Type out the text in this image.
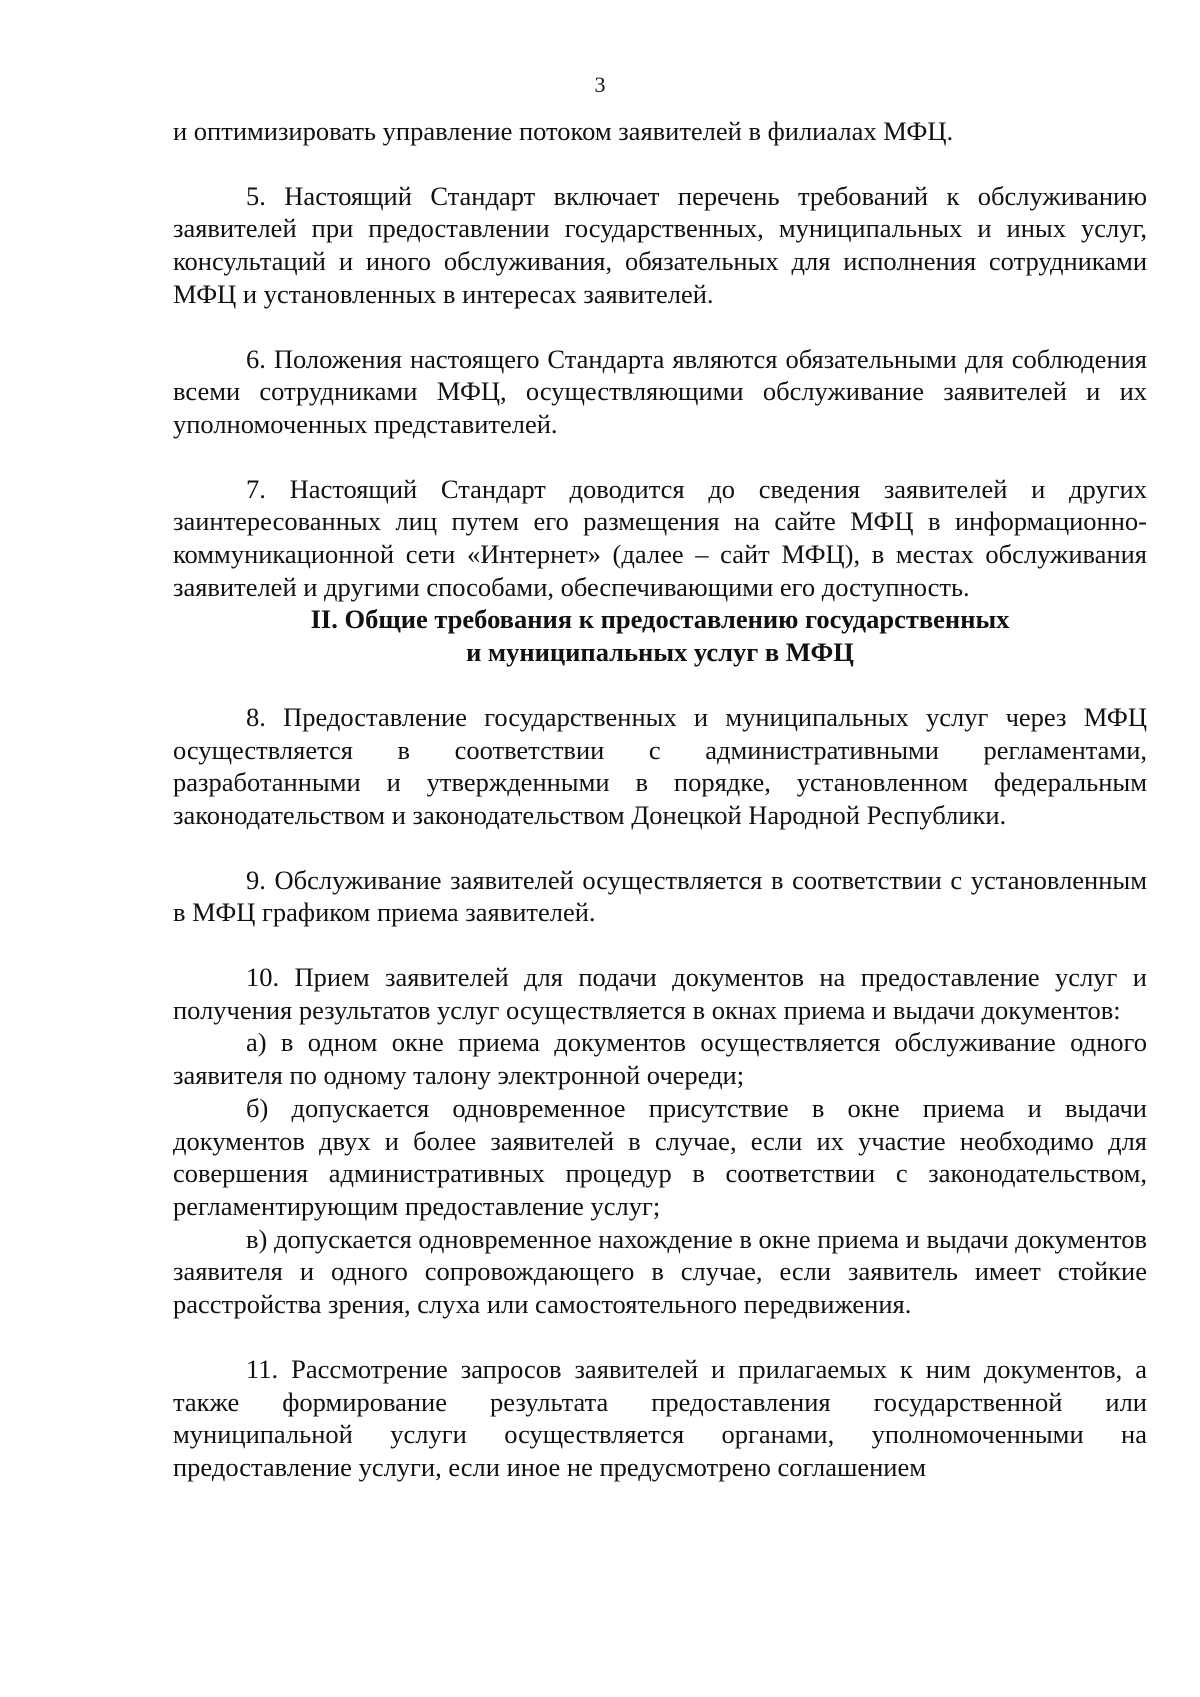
3

и оптимизировать управление потоком заявителей в филиалах МФЦ.

5. Настоящий Стандарт включает перечень требований к обслуживанию заявителей при предоставлении государственных, муниципальных и иных услуг, консультаций и иного обслуживания, обязательных для исполнения сотрудниками МФЦ и установленных в интересах заявителей.

6. Положения настоящего Стандарта являются обязательными для соблюдения всеми сотрудниками МФЦ, осуществляющими обслуживание заявителей и их уполномоченных представителей.

7. Настоящий Стандарт доводится до сведения заявителей и других заинтересованных лиц путем его размещения на сайте МФЦ в информационно-коммуникационной сети «Интернет» (далее – сайт МФЦ), в местах обслуживания заявителей и другими способами, обеспечивающими его доступность.

II. Общие требования к предоставлению государственных
и муниципальных услуг в МФЦ

8. Предоставление государственных и муниципальных услуг через МФЦ осуществляется в соответствии с административными регламентами, разработанными и утвержденными в порядке, установленном федеральным законодательством и законодательством Донецкой Народной Республики.

9. Обслуживание заявителей осуществляется в соответствии с установленным в МФЦ графиком приема заявителей.

10. Прием заявителей для подачи документов на предоставление услуг и получения результатов услуг осуществляется в окнах приема и выдачи документов:

а) в одном окне приема документов осуществляется обслуживание одного заявителя по одному талону электронной очереди;

б) допускается одновременное присутствие в окне приема и выдачи документов двух и более заявителей в случае, если их участие необходимо для совершения административных процедур в соответствии с законодательством, регламентирующим предоставление услуг;

в) допускается одновременное нахождение в окне приема и выдачи документов заявителя и одного сопровождающего в случае, если заявитель имеет стойкие расстройства зрения, слуха или самостоятельного передвижения.

11. Рассмотрение запросов заявителей и прилагаемых к ним документов, а также формирование результата предоставления государственной или муниципальной услуги осуществляется органами, уполномоченными на предоставление услуги, если иное не предусмотрено соглашением
